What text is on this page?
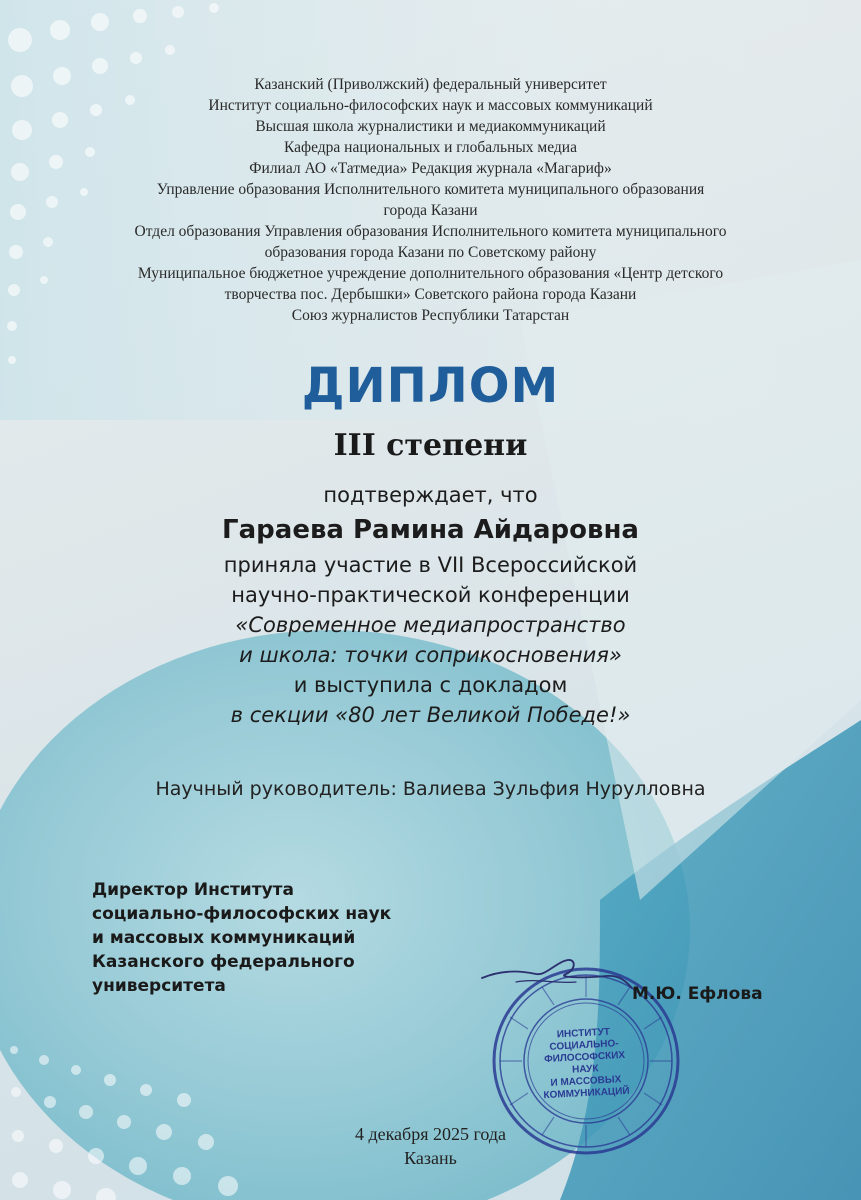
Казанский (Приволжский) федеральный университет
Институт социально-философских наук и массовых коммуникаций
Высшая школа журналистики и медиакоммуникаций
Кафедра национальных и глобальных медиа
Филиал АО «Татмедиа» Редакция журнала «Магариф»
Управление образования Исполнительного комитета муниципального образования
города Казани
Отдел образования Управления образования Исполнительного комитета муниципального
образования города Казани по Советскому району
Муниципальное бюджетное учреждение дополнительного образования «Центр детского
творчества пос. Дербышки» Советского района города Казани
Союз журналистов Республики Татарстан
ДИПЛОМ
III степени
подтверждает, что
Гараева Рамина Айдаровна
приняла участие в VII Всероссийской
научно-практической конференции
«Современное медиапространство
и школа: точки соприкосновения»
и выступила с докладом
в секции «80 лет Великой Победе!»
Научный руководитель: Валиева Зульфия Нурулловна
Директор Института
социально-философских наук
и массовых коммуникаций
Казанского федерального
университета
ИНСТИТУТ
СОЦИАЛЬНО-
ФИЛОСОФСКИХ
НАУК
И МАССОВЫХ
КОММУНИКАЦИЙ
М.Ю. Ефлова
4 декабря 2025 года
Казань
